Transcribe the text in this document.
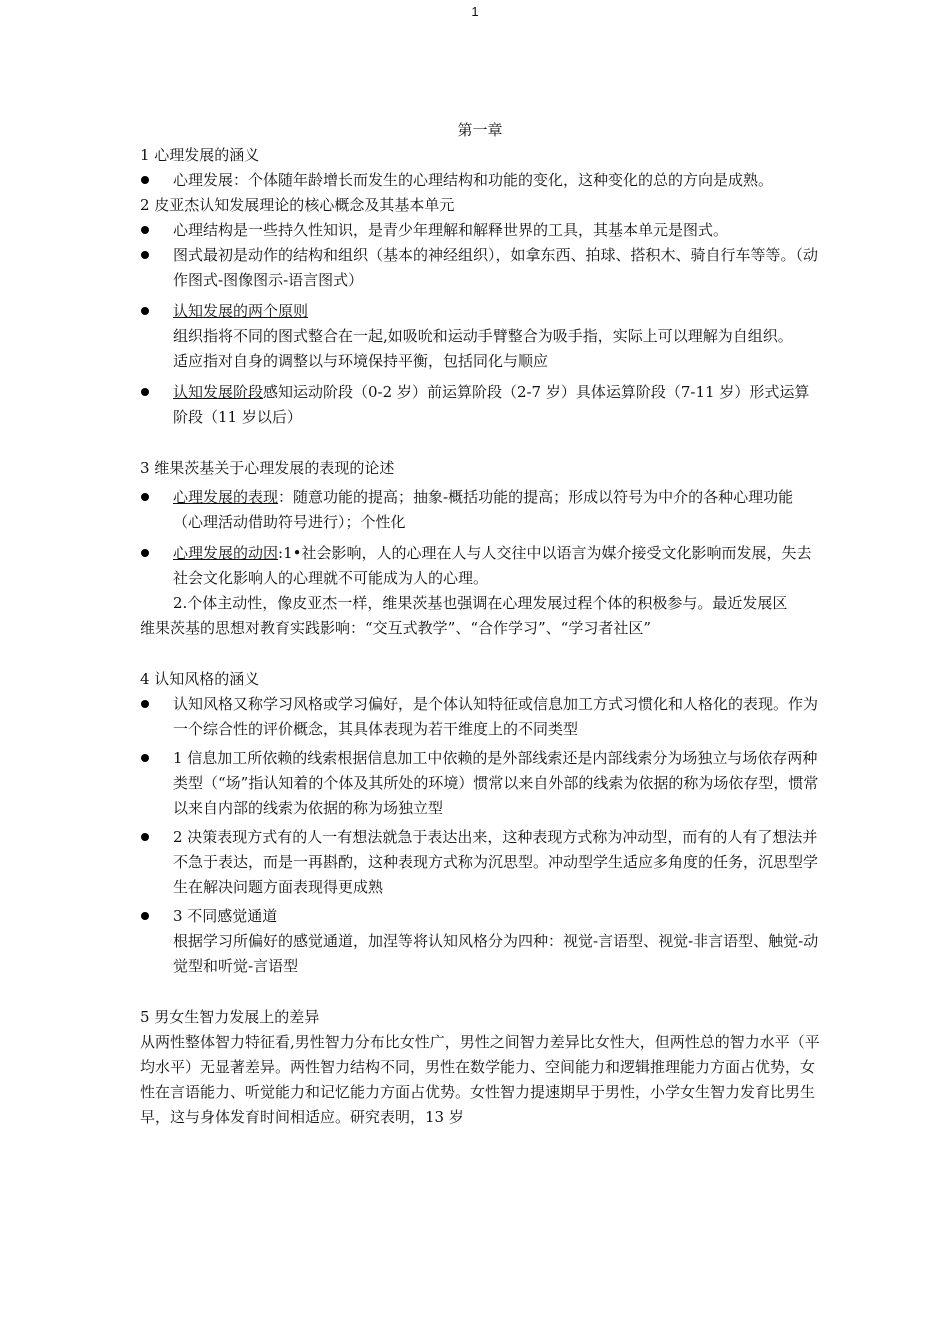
1

第一章

1 心理发展的涵义

心理发展：个体随年龄增长而发生的心理结构和功能的变化，这种变化的总的方向是成熟。

2 皮亚杰认知发展理论的核心概念及其基本单元

心理结构是一些持久性知识，是青少年理解和解释世界的工具，其基本单元是图式。
图式最初是动作的结构和组织（基本的神经组织），如拿东西、拍球、搭积木、骑自行车等等。（动作图式-图像图示-语言图式）
认知发展的两个原则

组织指将不同的图式整合在一起,如吸吮和运动手臂整合为吸手指，实际上可以理解为自组织。

适应指对自身的调整以与环境保持平衡，包括同化与顺应

认知发展阶段感知运动阶段（0-2 岁）前运算阶段（2-7 岁）具体运算阶段（7-11 岁）形式运算阶段（11 岁以后）

3 维果茨基关于心理发展的表现的论述

心理发展的表现：随意功能的提高；抽象-概括功能的提高；形成以符号为中介的各种心理功能（心理活动借助符号进行）；个性化
心理发展的动因:1•社会影响，人的心理在人与人交往中以语言为媒介接受文化影响而发展，失去社会文化影响人的心理就不可能成为人的心理。

2.个体主动性，像皮亚杰一样，维果茨基也强调在心理发展过程个体的积极参与。最近发展区

维果茨基的思想对教育实践影响：“交互式教学”、“合作学习”、“学习者社区”

4 认知风格的涵义

认知风格又称学习风格或学习偏好，是个体认知特征或信息加工方式习惯化和人格化的表现。作为一个综合性的评价概念，其具体表现为若干维度上的不同类型
1 信息加工所依赖的线索根据信息加工中依赖的是外部线索还是内部线索分为场独立与场依存两种类型（“场”指认知着的个体及其所处的环境）惯常以来自外部的线索为依据的称为场依存型，惯常以来自内部的线索为依据的称为场独立型
2 决策表现方式有的人一有想法就急于表达出来，这种表现方式称为冲动型，而有的人有了想法并不急于表达，而是一再斟酌，这种表现方式称为沉思型。冲动型学生适应多角度的任务，沉思型学生在解决问题方面表现得更成熟
3 不同感觉通道

根据学习所偏好的感觉通道，加涅等将认知风格分为四种：视觉-言语型、视觉-非言语型、触觉-动觉型和听觉-言语型

5 男女生智力发展上的差异

从两性整体智力特征看,男性智力分布比女性广，男性之间智力差异比女性大，但两性总的智力水平（平均水平）无显著差异。两性智力结构不同，男性在数学能力、空间能力和逻辑推理能力方面占优势，女性在言语能力、听觉能力和记忆能力方面占优势。女性智力提速期早于男性，小学女生智力发育比男生早，这与身体发育时间相适应。研究表明，13 岁
